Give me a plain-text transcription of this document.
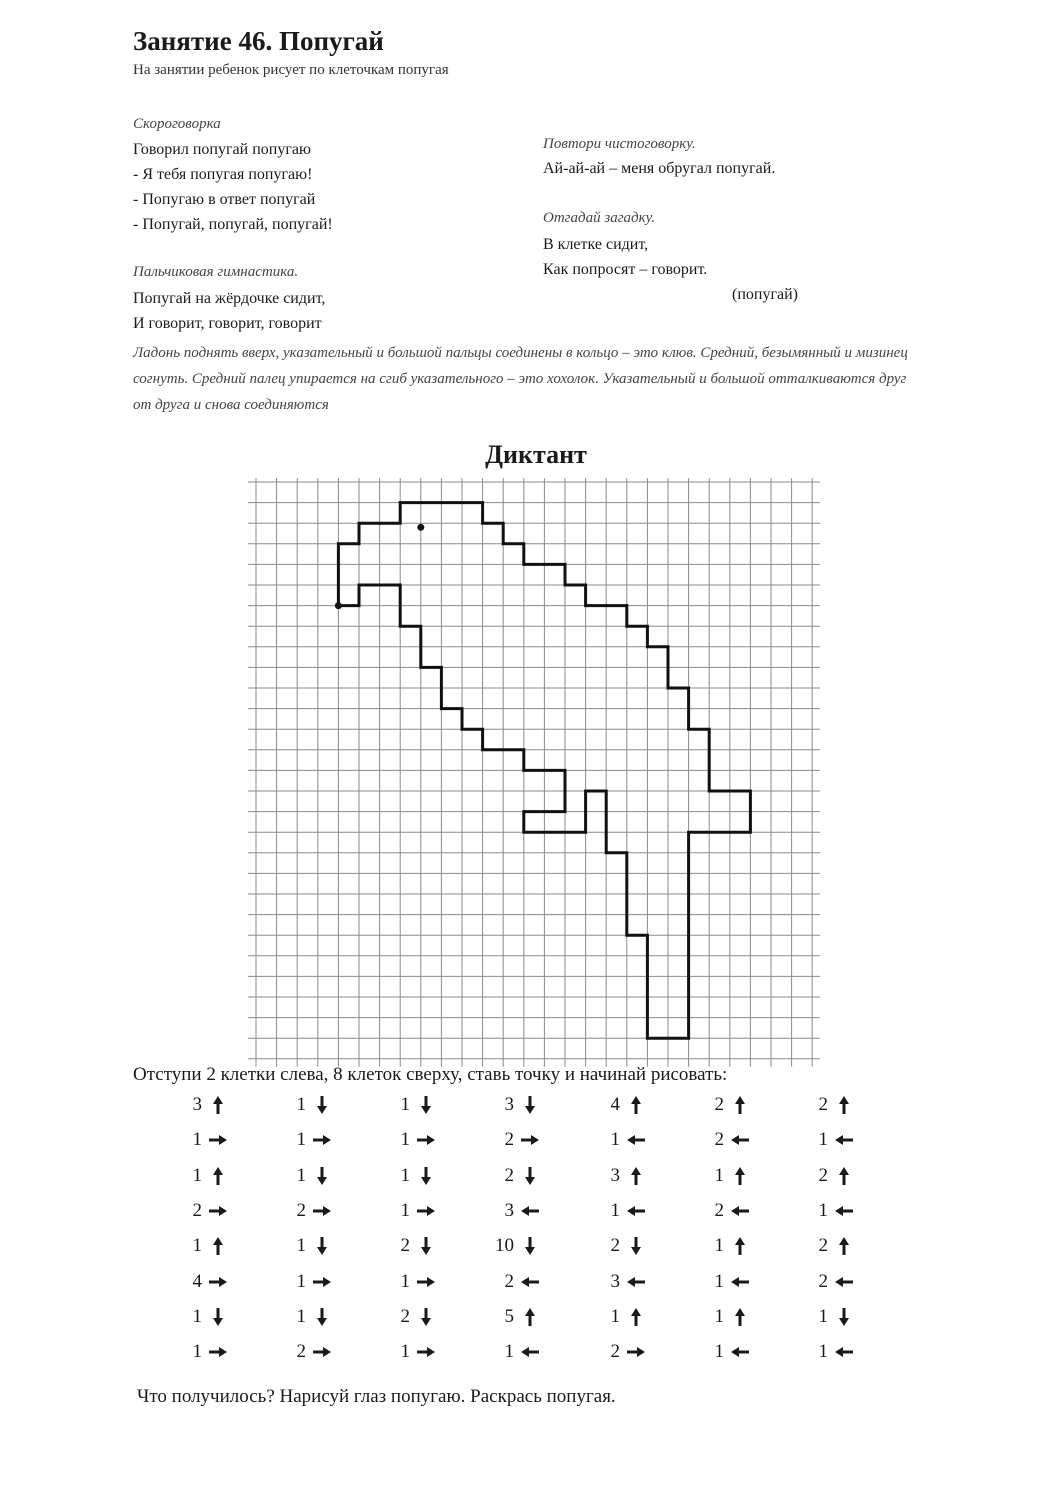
Занятие 46. Попугай
На занятии ребенок рисует по клеточкам попугая
Скороговорка
Говорил попугай попугаю
- Я тебя попугая попугаю!
- Попугаю в ответ попугай
- Попугай, попугай, попугай!
Повтори чистоговорку.
Ай-ай-ай – меня обругал попугай.
Отгадай загадку.
В клетке сидит,
Как попросят – говорит.
(попугай)
Пальчиковая гимнастика.
Попугай на жёрдочке сидит,
И говорит, говорит, говорит
Ладонь поднять вверх, указательный и большой пальцы соединены в кольцо – это клюв. Средний, безымянный и мизинец согнуть. Средний палец упирается на сгиб указательного – это хохолок. Указательный и большой отталкиваются друг от друга и снова соединяются
Диктант
Отступи 2 клетки слева, 8 клеток сверху, ставь точку и начинай рисовать:
3
1
1
2
1
4
1
1
1
1
1
2
1
1
1
2
1
1
1
1
2
1
2
1
3
2
2
3
10
2
5
1
4
1
3
1
2
3
1
2
2
2
1
2
1
1
1
1
2
1
2
1
2
2
1
1
Что получилось? Нарисуй глаз попугаю. Раскрась попугая.
